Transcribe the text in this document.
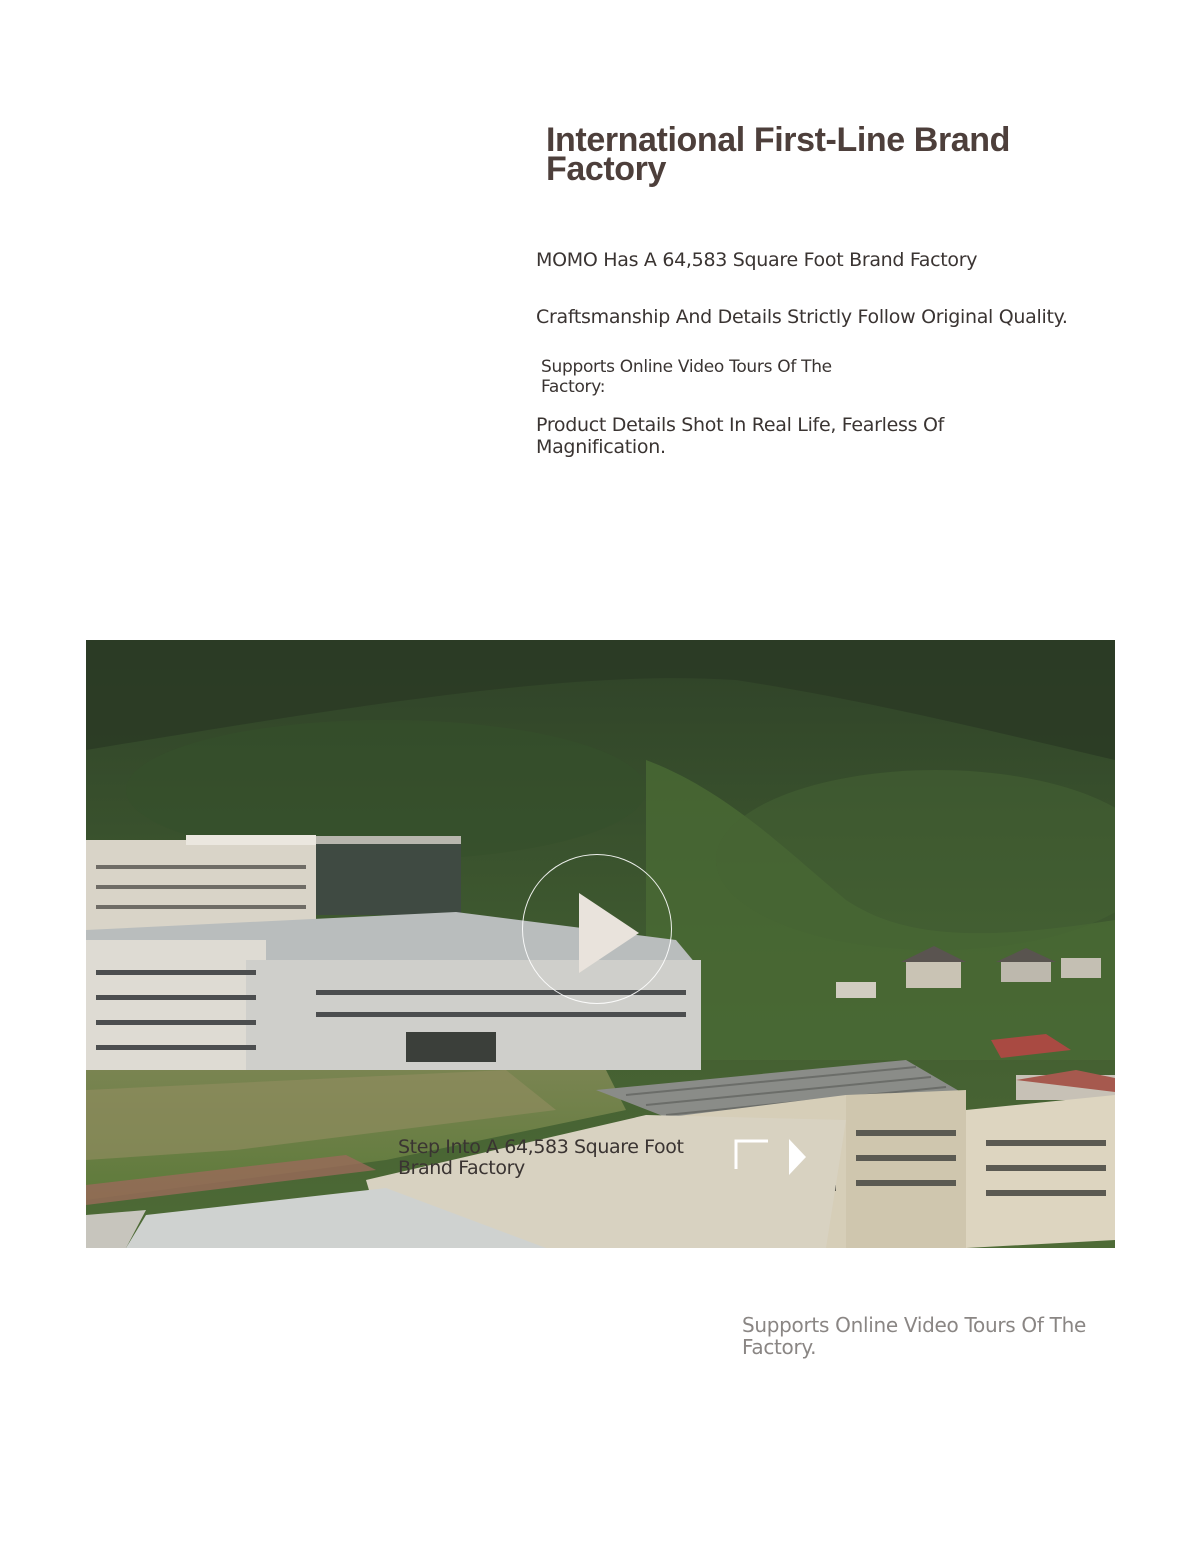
International First-Line Brand Factory

MOMO Has A 64,583 Square Foot Brand Factory

Craftsmanship And Details Strictly Follow Original Quality.

Supports Online Video Tours Of The Factory:

Product Details Shot In Real Life, Fearless Of Magnification.

Step Into A 64,583 Square Foot Brand Factory

Supports Online Video Tours Of The Factory.
